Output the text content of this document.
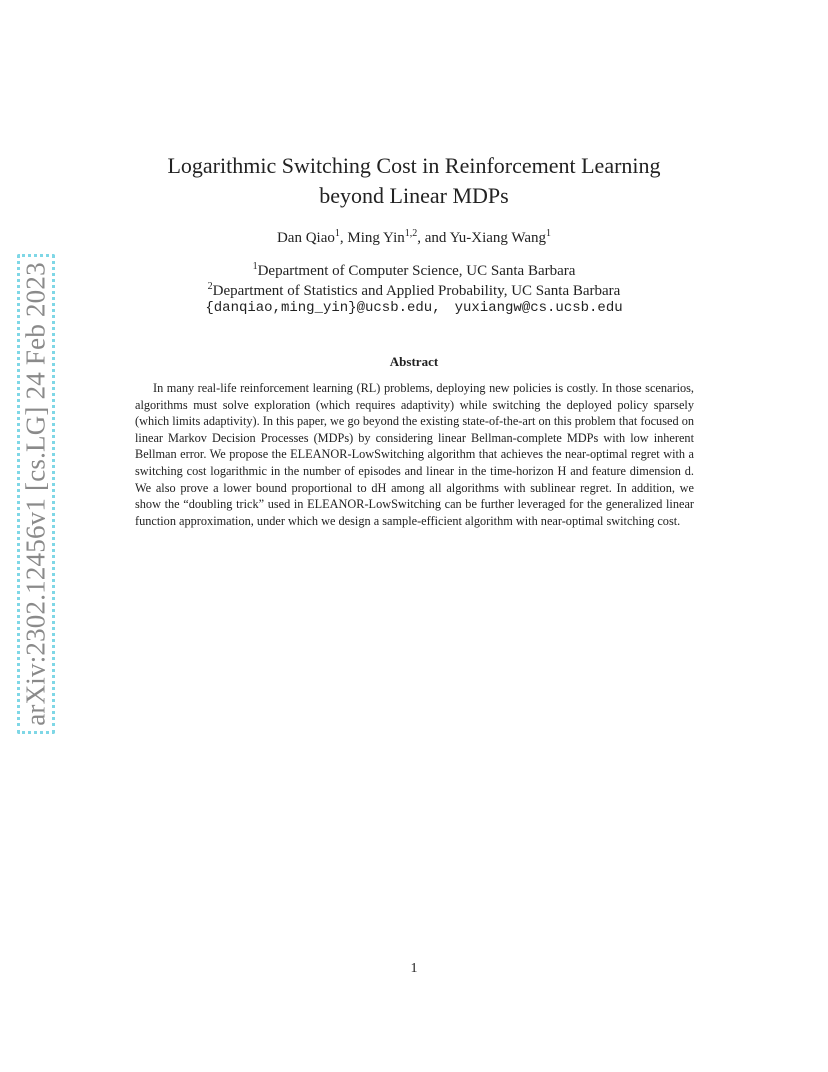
arXiv:2302.12456v1 [cs.LG] 24 Feb 2023
Logarithmic Switching Cost in Reinforcement Learning
beyond Linear MDPs
Dan Qiao$^1$, Ming Yin$^{1,2}$, and Yu-Xiang Wang$^1$
$^1$Department of Computer Science, UC Santa Barbara
$^2$Department of Statistics and Applied Probability, UC Santa Barbara
{danqiao,ming_yin}@ucsb.edu, yuxiangw@cs.ucsb.edu
Abstract

In many real-life reinforcement learning (RL) problems, deploying new policies is costly. In those scenarios, algorithms must solve exploration (which requires adaptivity) while switching the deployed policy sparsely (which limits adaptivity). In this paper, we go beyond the existing state-of-the-art on this problem that focused on linear Markov Decision Processes (MDPs) by considering linear Bellman-complete MDPs with low inherent Bellman error. We propose the ELEANOR-LowSwitching algorithm that achieves the near-optimal regret with a switching cost logarithmic in the number of episodes and linear in the time-horizon H and feature dimension d. We also prove a lower bound proportional to dH among all algorithms with sublinear regret. In addition, we show the “doubling trick” used in ELEANOR-LowSwitching can be further leveraged for the generalized linear function approximation, under which we design a sample-efficient algorithm with near-optimal switching cost.

1
